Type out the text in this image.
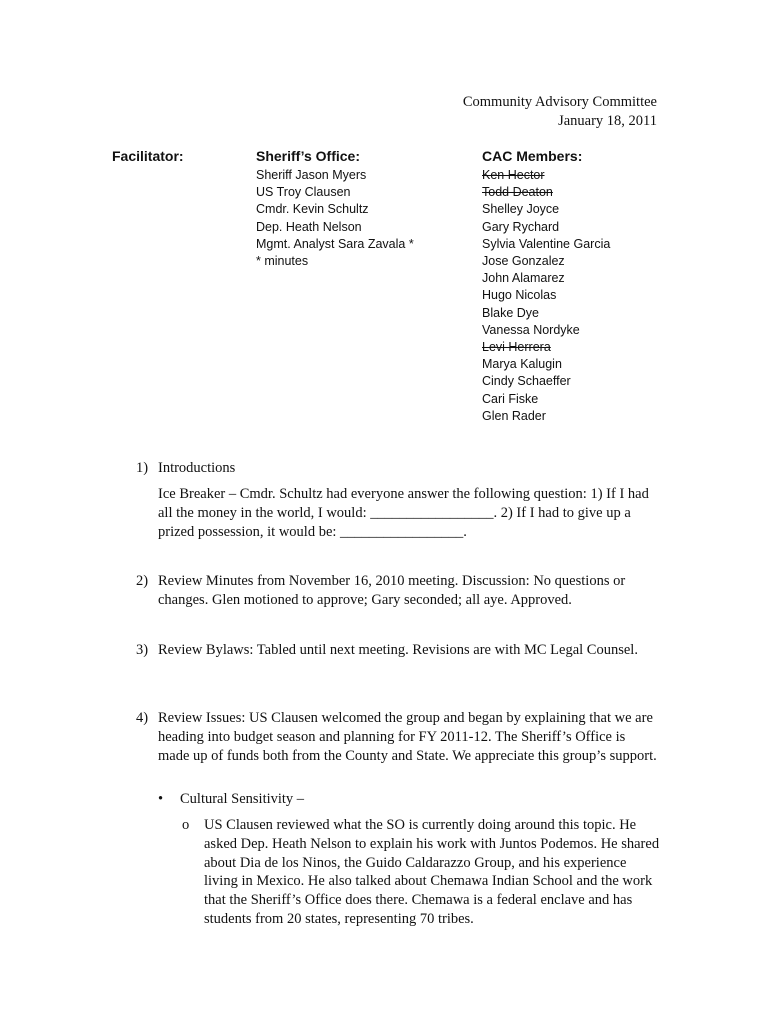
Community Advisory Committee
January 18, 2011
Facilitator:	Sheriff’s Office:
Sheriff Jason Myers
US Troy Clausen
Cmdr. Kevin Schultz
Dep. Heath Nelson
Mgmt. Analyst Sara Zavala *
* minutes
CAC Members:
Ken Hector
Todd Deaton
Shelley Joyce
Gary Rychard
Sylvia Valentine Garcia
Jose Gonzalez
John Alamarez
Hugo Nicolas
Blake Dye
Vanessa Nordyke
Levi Herrera
Marya Kalugin
Cindy Schaeffer
Cari Fiske
Glen Rader
1) Introductions
Ice Breaker – Cmdr. Schultz had everyone answer the following question: 1) If I had all the money in the world, I would: _________________. 2) If I had to give up a prized possession, it would be: _________________.
2) Review Minutes from November 16, 2010 meeting. Discussion: No questions or changes. Glen motioned to approve; Gary seconded; all aye. Approved.
3) Review Bylaws: Tabled until next meeting. Revisions are with MC Legal Counsel.
4) Review Issues: US Clausen welcomed the group and began by explaining that we are heading into budget season and planning for FY 2011-12. The Sheriff’s Office is made up of funds both from the County and State. We appreciate this group’s support.
• Cultural Sensitivity –
o US Clausen reviewed what the SO is currently doing around this topic. He asked Dep. Heath Nelson to explain his work with Juntos Podemos. He shared about Dia de los Ninos, the Guido Caldarazzo Group, and his experience living in Mexico. He also talked about Chemawa Indian School and the work that the Sheriff’s Office does there. Chemawa is a federal enclave and has students from 20 states, representing 70 tribes.
